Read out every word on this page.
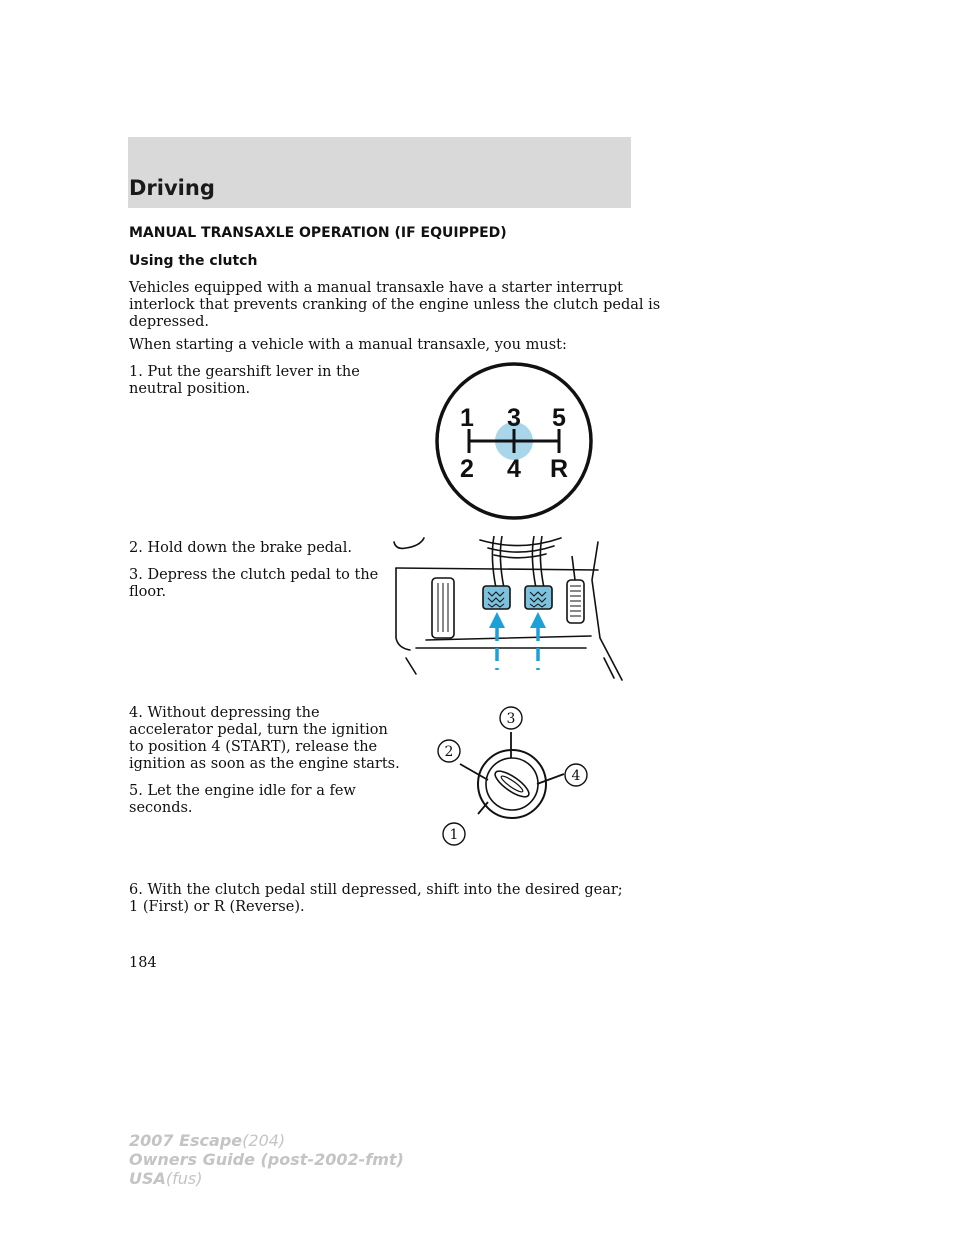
Driving
MANUAL TRANSAXLE OPERATION (IF EQUIPPED)
Using the clutch
Vehicles equipped with a manual transaxle have a starter interrupt
interlock that prevents cranking of the engine unless the clutch pedal is
depressed.
When starting a vehicle with a manual transaxle, you must:
1. Put the gearshift lever in the
neutral position.
2. Hold down the brake pedal.
3. Depress the clutch pedal to the
floor.
4. Without depressing the
accelerator pedal, turn the ignition
to position 4 (START), release the
ignition as soon as the engine starts.
5. Let the engine idle for a few
seconds.
6. With the clutch pedal still depressed, shift into the desired gear;
1 (First) or R (Reverse).
1 3 5
2 4 R
3
2
4
1
184
2007 Escape(204)
Owners Guide (post-2002-fmt)
USA(fus)
